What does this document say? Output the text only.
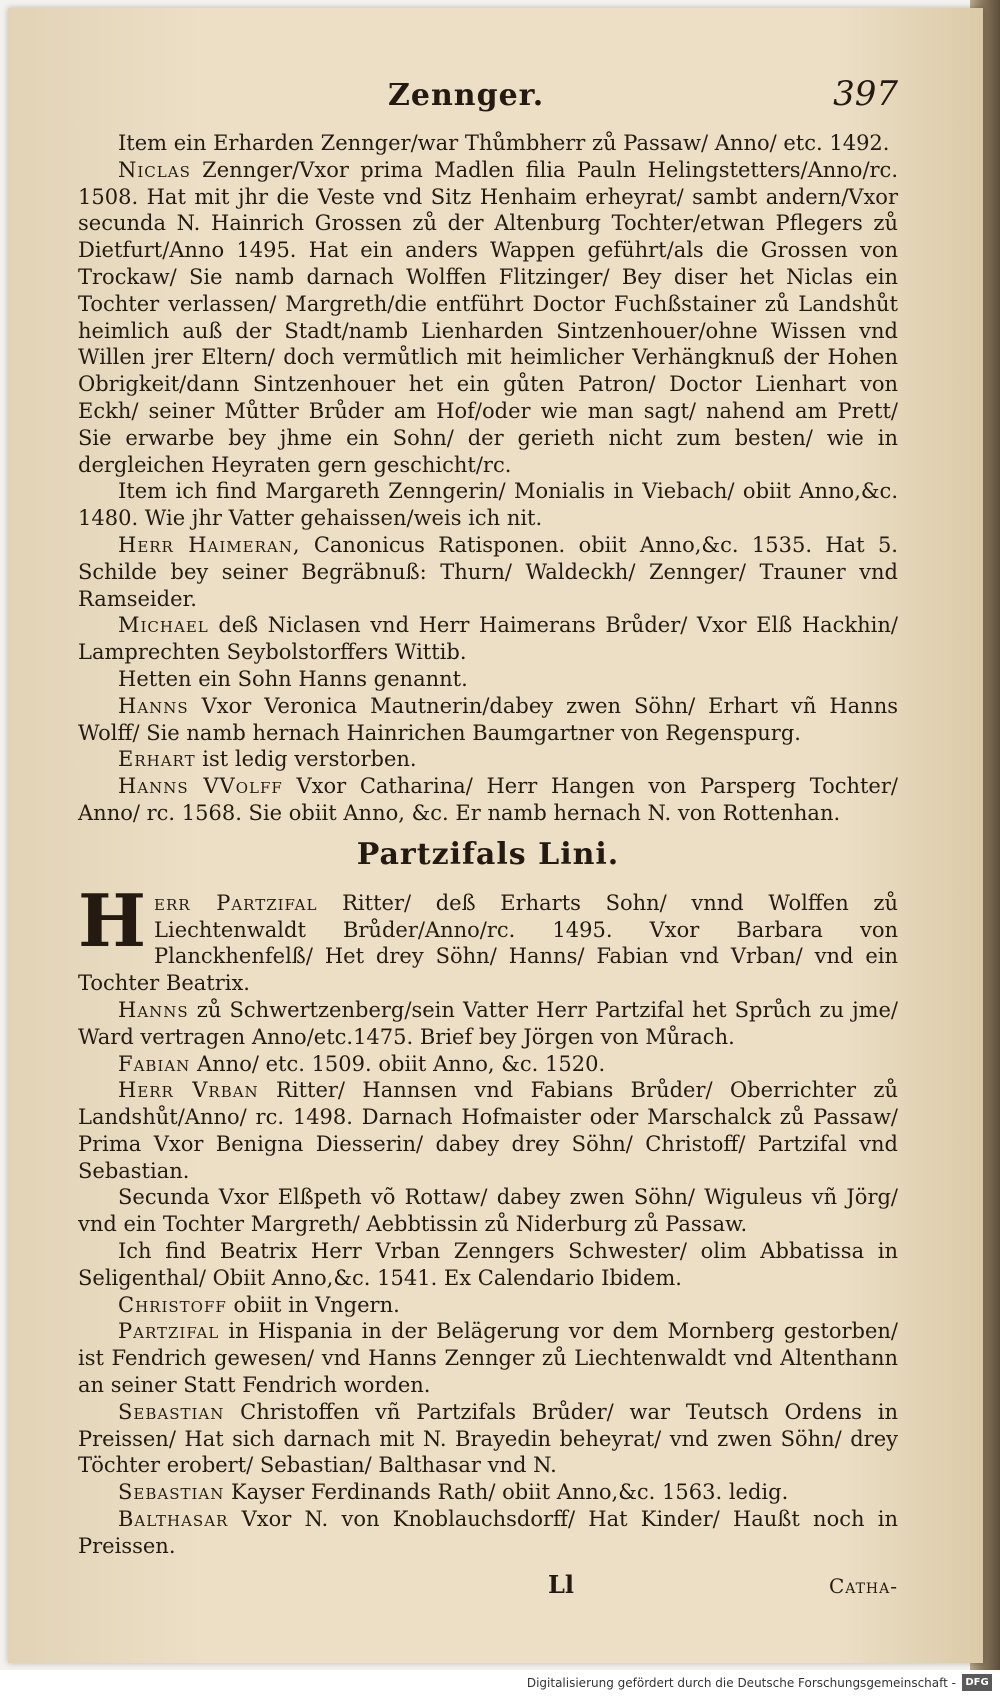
Zennger.	397

Item ein Erharden Zennger/war Thůmbherr zů Passaw/ Anno/ etc. 1492.

Niclas Zennger/Vxor prima Madlen filia Pauln Helingstetters/Anno/rc. 1508. Hat mit jhr die Veste vnd Sitz Henhaim erheyrat/ sambt andern/Vxor secunda N. Hainrich Grossen zů der Altenburg Tochter/etwan Pflegers zů Dietfurt/Anno 1495. Hat ein anders Wappen geführt/als die Grossen von Trockaw/ Sie namb darnach Wolffen Flitzinger/ Bey diser het Niclas ein Tochter verlassen/ Margreth/die entführt Doctor Fuchßstainer zů Landshůt heimlich auß der Stadt/namb Lienharden Sintzenhouer/ohne Wissen vnd Willen jrer Eltern/ doch vermůtlich mit heimlicher Verhängknuß der Hohen Obrigkeit/dann Sintzenhouer het ein gůten Patron/ Doctor Lienhart von Eckh/ seiner Můtter Brůder am Hof/oder wie man sagt/ nahend am Prett/ Sie erwarbe bey jhme ein Sohn/ der gerieth nicht zum besten/ wie in dergleichen Heyraten gern geschicht/rc.

Item ich find Margareth Zenngerin/ Monialis in Viebach/ obiit Anno,&c. 1480. Wie jhr Vatter gehaissen/weis ich nit.

Herr Haimeran, Canonicus Ratisponen. obiit Anno,&c. 1535. Hat 5. Schilde bey seiner Begräbnuß: Thurn/ Waldeckh/ Zennger/ Trauner vnd Ramseider.

Michael deß Niclasen vnd Herr Haimerans Brůder/ Vxor Elß Hackhin/ Lamprechten Seybolstorffers Wittib.

Hetten ein Sohn Hanns genannt.

Hanns Vxor Veronica Mautnerin/dabey zwen Söhn/ Erhart vñ Hanns Wolff/ Sie namb hernach Hainrichen Baumgartner von Regenspurg.

Erhart ist ledig verstorben.

Hanns VVolff Vxor Catharina/ Herr Hangen von Parsperg Tochter/ Anno/ rc. 1568. Sie obiit Anno, &c. Er namb hernach N. von Rottenhan.

Partzifals Lini.

Herr Partzifal Ritter/ deß Erharts Sohn/ vnnd Wolffen zů Liechtenwaldt Brůder/Anno/rc. 1495. Vxor Barbara von Planckhenfelß/ Het drey Söhn/ Hanns/ Fabian vnd Vrban/ vnd ein Tochter Beatrix.

Hanns zů Schwertzenberg/sein Vatter Herr Partzifal het Sprůch zu jme/ Ward vertragen Anno/etc.1475. Brief bey Jörgen von Můrach.

Fabian Anno/ etc. 1509. obiit Anno, &c. 1520.

Herr Vrban Ritter/ Hannsen vnd Fabians Brůder/ Oberrichter zů Landshůt/Anno/ rc. 1498. Darnach Hofmaister oder Marschalck zů Passaw/ Prima Vxor Benigna Diesserin/ dabey drey Söhn/ Christoff/ Partzifal vnd Sebastian.

Secunda Vxor Elßpeth võ Rottaw/ dabey zwen Söhn/ Wiguleus vñ Jörg/ vnd ein Tochter Margreth/ Aebbtissin zů Niderburg zů Passaw.

Ich find Beatrix Herr Vrban Zenngers Schwester/ olim Abbatissa in Seligenthal/ Obiit Anno,&c. 1541. Ex Calendario Ibidem.

Christoff obiit in Vngern.

Partzifal in Hispania in der Belägerung vor dem Mornberg gestorben/ ist Fendrich gewesen/ vnd Hanns Zennger zů Liechtenwaldt vnd Altenthann an seiner Statt Fendrich worden.

Sebastian Christoffen vñ Partzifals Brůder/ war Teutsch Ordens in Preissen/ Hat sich darnach mit N. Brayedin beheyrat/ vnd zwen Söhn/ drey Töchter erobert/ Sebastian/ Balthasar vnd N.

Sebastian Kayser Ferdinands Rath/ obiit Anno,&c. 1563. ledig.

Balthasar Vxor N. von Knoblauchsdorff/ Hat Kinder/ Haußt noch in Preissen.

Ll	Catha-
Digitalisierung gefördert durch die Deutsche Forschungsgemeinschaft - DFG
